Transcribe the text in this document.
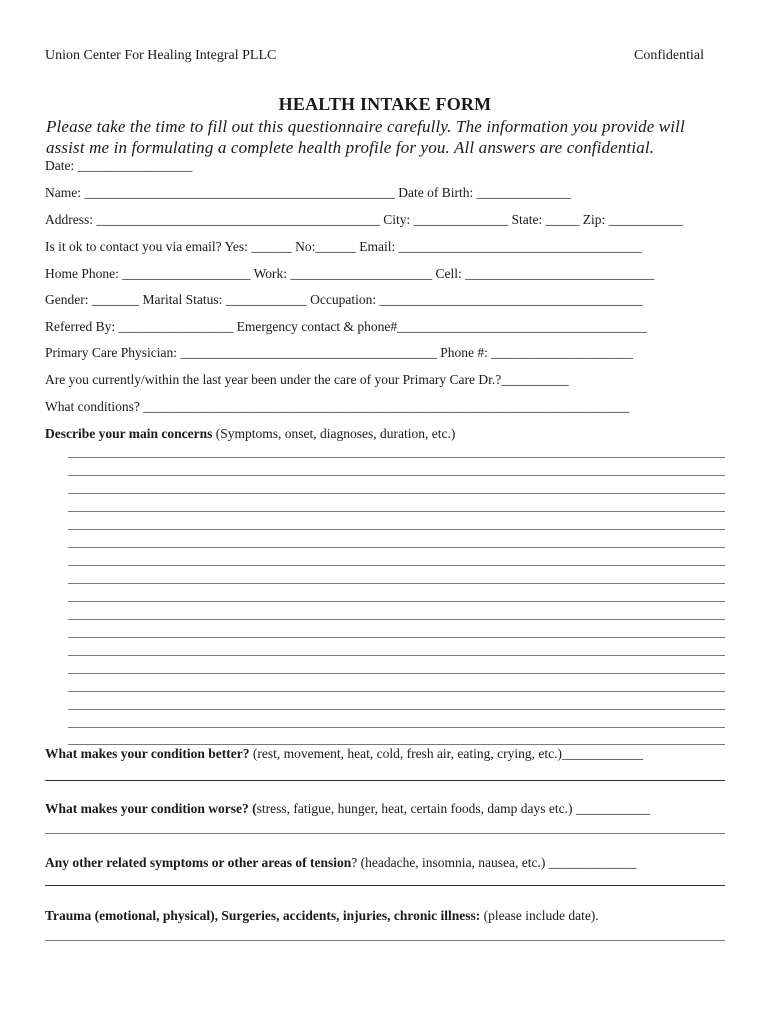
Union Center For Healing Integral PLLC	Confidential
HEALTH INTAKE FORM
Please take the time to fill out this questionnaire carefully. The information you provide will
assist me in formulating a complete health profile for you. All answers are confidential.
Date: _________________
Name: ______________________________________________ Date of Birth: ______________
Address: __________________________________________ City: ______________ State: _____ Zip: ___________
Is it ok to contact you via email? Yes: ______ No:______ Email: ____________________________________
Home Phone: ___________________ Work: _____________________ Cell: ____________________________
Gender: _______ Marital Status: ____________ Occupation: _______________________________________
Referred By: _________________ Emergency contact & phone#_____________________________________
Primary Care Physician: ______________________________________ Phone #: _____________________
Are you currently/within the last year been under the care of your Primary Care Dr.?__________
What conditions? ________________________________________________________________________
Describe your main concerns (Symptoms, onset, diagnoses, duration, etc.)
What makes your condition better? (rest, movement, heat, cold, fresh air, eating, crying, etc.)____________
What makes your condition worse? (stress, fatigue, hunger, heat, certain foods, damp days etc.) ___________
Any other related symptoms or other areas of tension? (headache, insomnia, nausea, etc.) _____________
Trauma (emotional, physical), Surgeries, accidents, injuries, chronic illness: (please include date).
